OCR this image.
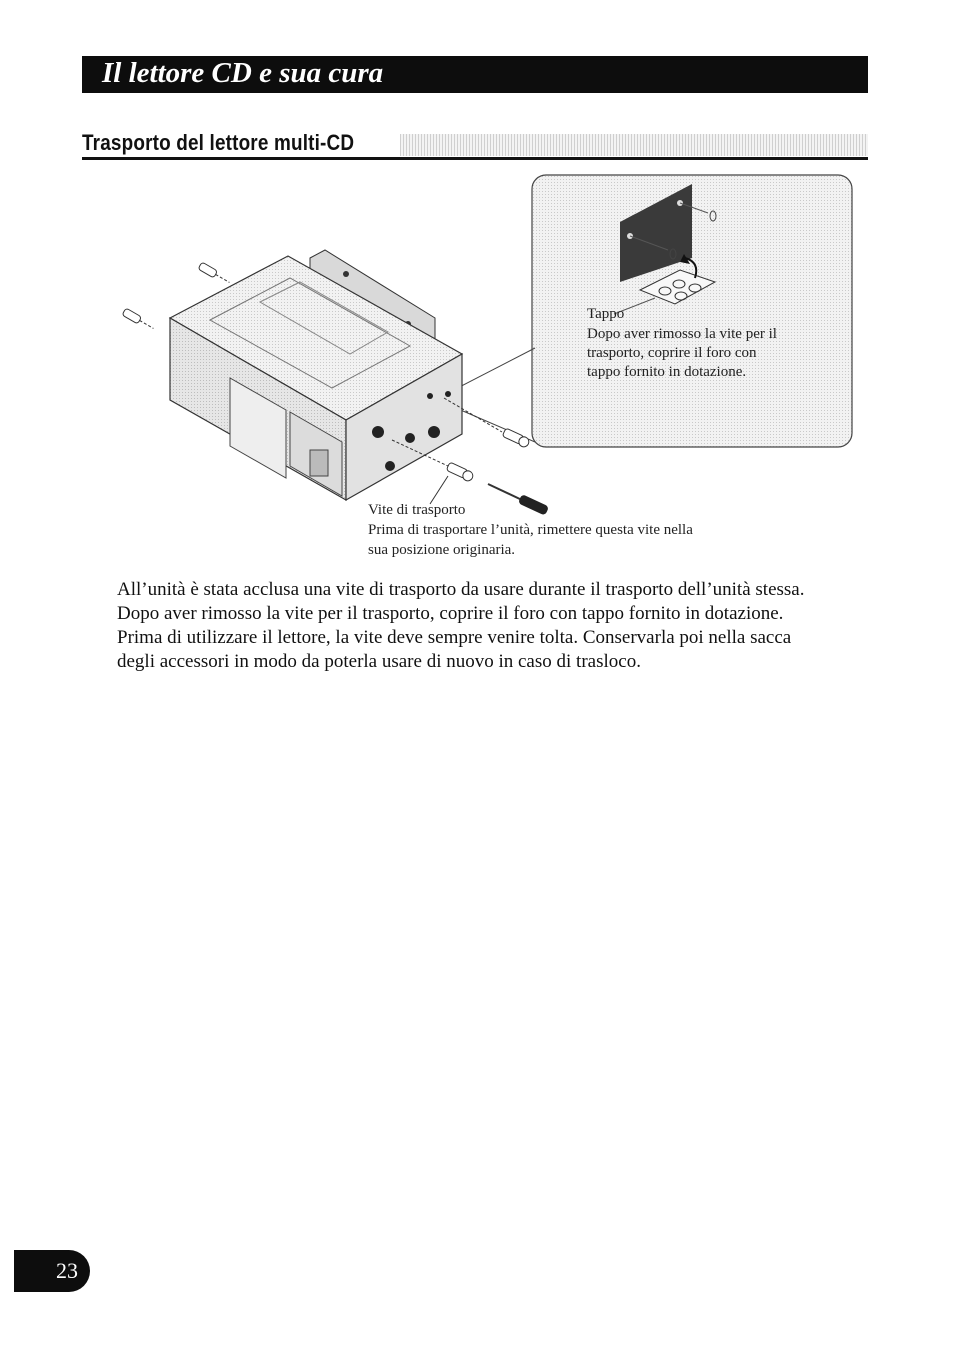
Il lettore CD e sua cura
Trasporto del lettore multi-CD
Tappo
Dopo aver rimosso la vite per il
trasporto, coprire il foro con
tappo fornito in dotazione.
Vite di trasporto
Prima di trasportare l’unità, rimettere questa vite nella
sua posizione originaria.

All’unità è stata acclusa una vite di trasporto da usare durante il trasporto dell’unità stessa.

Dopo aver rimosso la vite per il trasporto, coprire il foro con tappo fornito in dotazione.

Prima di utilizzare il lettore, la vite deve sempre venire tolta. Conservarla poi nella sacca

degli accessori in modo da poterla usare di nuovo in caso di trasloco.

23
